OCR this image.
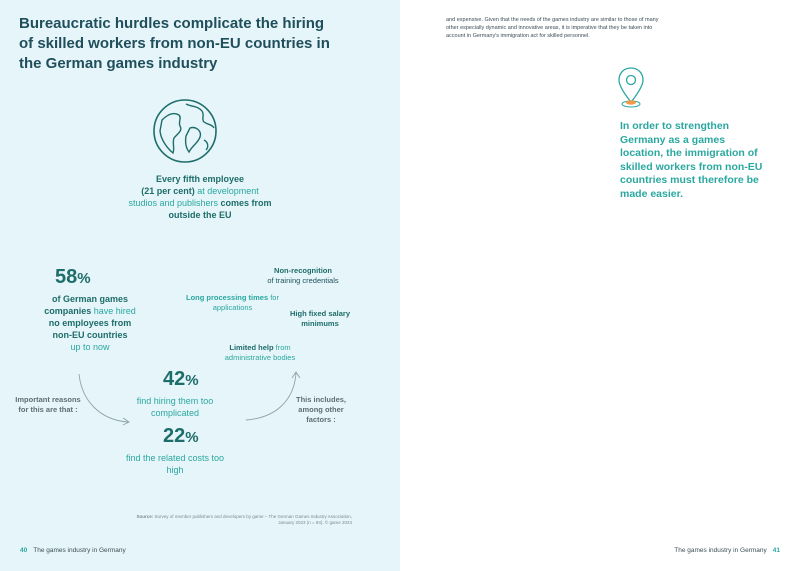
Bureaucratic hurdles complicate the hiring of skilled workers from non-EU countries in the German games industry
Every fifth employee
(21 per cent) at development
studios and publishers comes from
outside the EU
58%
of German games
companies have hired
no employees from
non-EU countries
up to now
Non-recognition
of training credentials
Long processing times for
applications
High fixed salary minimums
Limited help from
administrative bodies
Important reasons for this are that :
This includes, among other factors :
42%
find hiring them too complicated
22%
find the related costs too high
Source: Survey of member publishers and developers by game – The German Games Industry Association, January 2023 (n = 84). © game 2023
40 The games industry in Germany
and expensive. Given that the needs of the games industry are similar to those of many other especially dynamic and innovative areas, it is imperative that they be taken into account in Germany's immigration act for skilled personnel.
In order to strengthen Germany as a games location, the immigration of skilled workers from non-EU countries must therefore be made easier.
The games industry in Germany 41
